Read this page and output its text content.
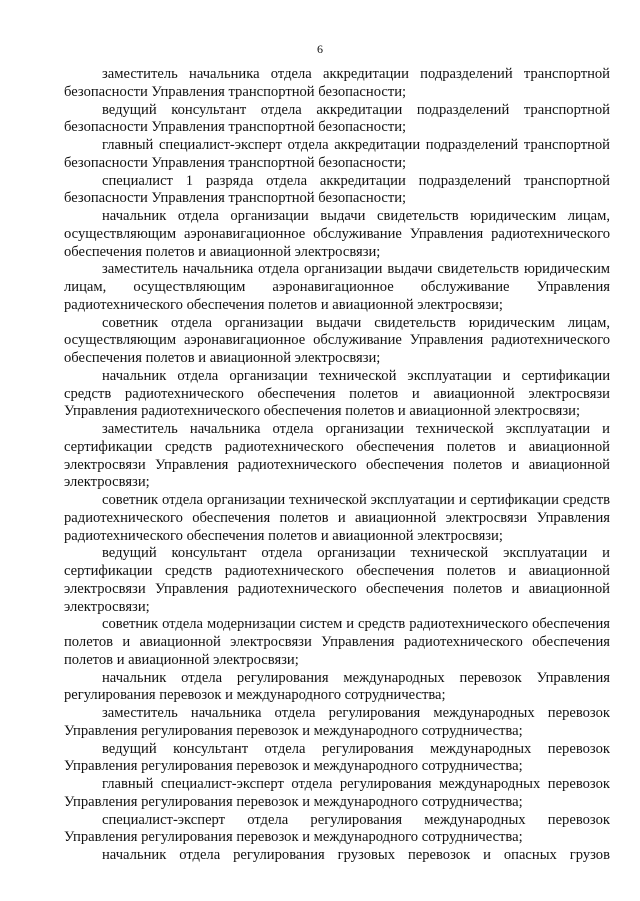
6

заместитель начальника отдела аккредитации подразделений транспортной безопасности Управления транспортной безопасности;

ведущий консультант отдела аккредитации подразделений транспортной безопасности Управления транспортной безопасности;

главный специалист-эксперт отдела аккредитации подразделений транспортной безопасности Управления транспортной безопасности;

специалист 1 разряда отдела аккредитации подразделений транспортной безопасности Управления транспортной безопасности;

начальник отдела организации выдачи свидетельств юридическим лицам, осуществляющим аэронавигационное обслуживание Управления радиотехнического обеспечения полетов и авиационной электросвязи;

заместитель начальника отдела организации выдачи свидетельств юридическим лицам, осуществляющим аэронавигационное обслуживание Управления радиотехнического обеспечения полетов и авиационной электросвязи;

советник отдела организации выдачи свидетельств юридическим лицам, осуществляющим аэронавигационное обслуживание Управления радиотехнического обеспечения полетов и авиационной электросвязи;

начальник отдела организации технической эксплуатации и сертификации средств радиотехнического обеспечения полетов и авиационной электросвязи Управления радиотехнического обеспечения полетов и авиационной электросвязи;

заместитель начальника отдела организации технической эксплуатации и сертификации средств радиотехнического обеспечения полетов и авиационной электросвязи Управления радиотехнического обеспечения полетов и авиационной электросвязи;

советник отдела организации технической эксплуатации и сертификации средств радиотехнического обеспечения полетов и авиационной электросвязи Управления радиотехнического обеспечения полетов и авиационной электросвязи;

ведущий консультант отдела организации технической эксплуатации и сертификации средств радиотехнического обеспечения полетов и авиационной электросвязи Управления радиотехнического обеспечения полетов и авиационной электросвязи;

советник отдела модернизации систем и средств радиотехнического обеспечения полетов и авиационной электросвязи Управления радиотехнического обеспечения полетов и авиационной электросвязи;

начальник отдела регулирования международных перевозок Управления регулирования перевозок и международного сотрудничества;

заместитель начальника отдела регулирования международных перевозок Управления регулирования перевозок и международного сотрудничества;

ведущий консультант отдела регулирования международных перевозок Управления регулирования перевозок и международного сотрудничества;

главный специалист-эксперт отдела регулирования международных перевозок Управления регулирования перевозок и международного сотрудничества;

специалист-эксперт отдела регулирования международных перевозок Управления регулирования перевозок и международного сотрудничества;

начальник отдела регулирования грузовых перевозок и опасных грузов
